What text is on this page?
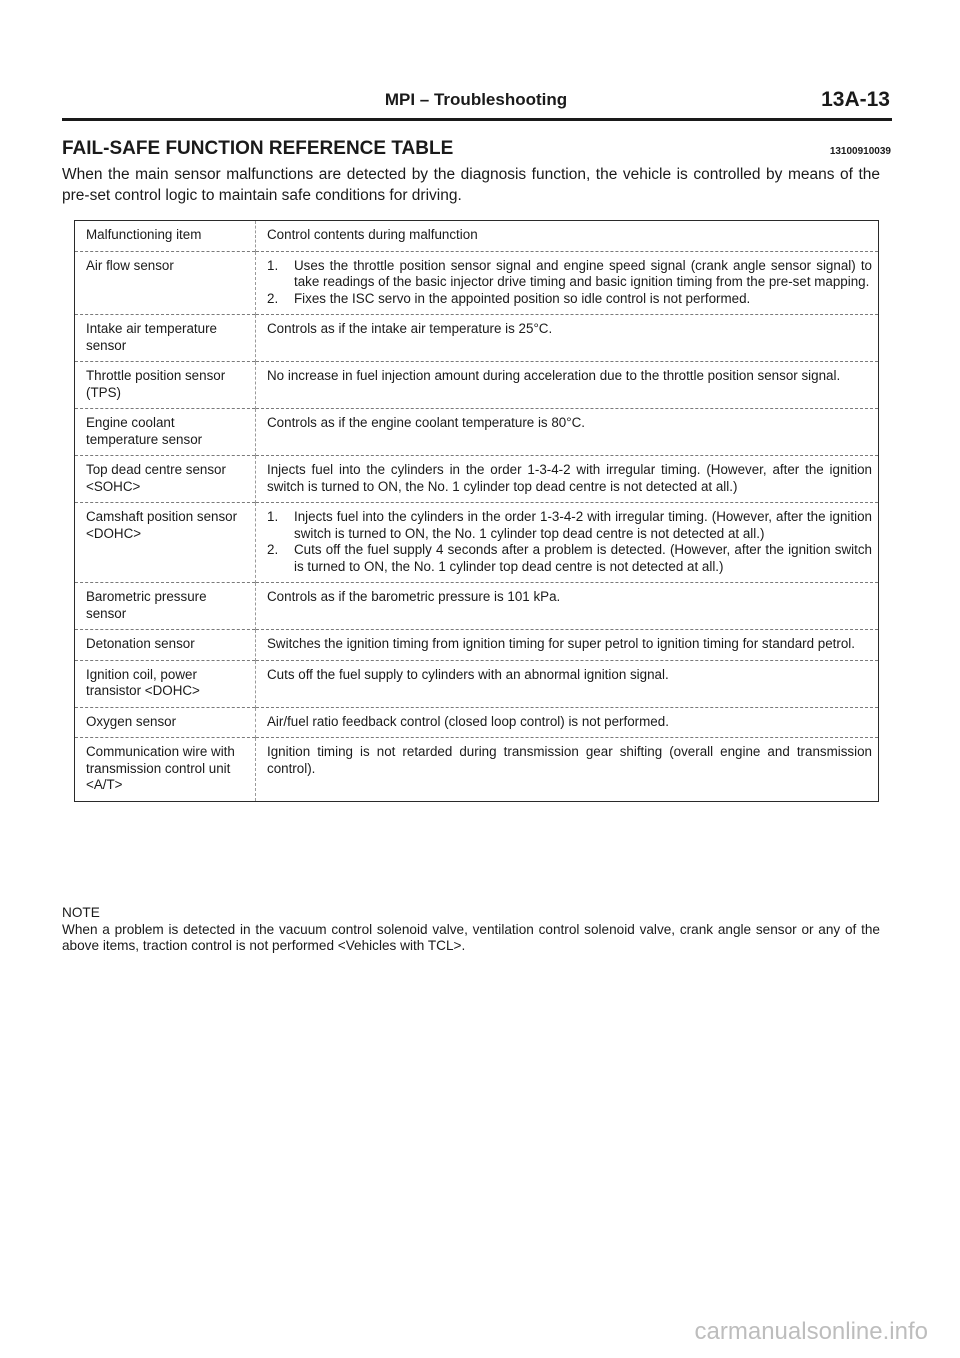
MPI – Troubleshooting	13A-13
FAIL-SAFE FUNCTION REFERENCE TABLE	13100910039
When the main sensor malfunctions are detected by the diagnosis function, the vehicle is controlled by means of the pre-set control logic to maintain safe conditions for driving.
Malfunctioning item	Control contents during malfunction
Air flow sensor	1. Uses the throttle position sensor signal and engine speed signal (crank angle sensor signal) to take readings of the basic injector drive timing and basic ignition timing from the pre-set mapping.
2. Fixes the ISC servo in the appointed position so idle control is not performed.

Intake air temperature sensor	Controls as if the intake air temperature is 25°C.
Throttle position sensor (TPS)	No increase in fuel injection amount during acceleration due to the throttle position sensor signal.
Engine coolant temperature sensor	Controls as if the engine coolant temperature is 80°C.
Top dead centre sensor <SOHC>	Injects fuel into the cylinders in the order 1-3-4-2 with irregular timing. (However, after the ignition switch is turned to ON, the No. 1 cylinder top dead centre is not detected at all.)
Camshaft position sensor <DOHC>	1. Injects fuel into the cylinders in the order 1-3-4-2 with irregular timing. (However, after the ignition switch is turned to ON, the No. 1 cylinder top dead centre is not detected at all.)
2. Cuts off the fuel supply 4 seconds after a problem is detected. (However, after the ignition switch is turned to ON, the No. 1 cylinder top dead centre is not detected at all.)

Barometric pressure sensor	Controls as if the barometric pressure is 101 kPa.
Detonation sensor	Switches the ignition timing from ignition timing for super petrol to ignition timing for standard petrol.
Ignition coil, power transistor <DOHC>	Cuts off the fuel supply to cylinders with an abnormal ignition signal.
Oxygen sensor	Air/fuel ratio feedback control (closed loop control) is not performed.
Communication wire with transmission control unit <A/T>	Ignition timing is not retarded during transmission gear shifting (overall engine and transmission control).
NOTE
When a problem is detected in the vacuum control solenoid valve, ventilation control solenoid valve, crank angle sensor or any of the above items, traction control is not performed <Vehicles with TCL>.
carmanualsonline.info
